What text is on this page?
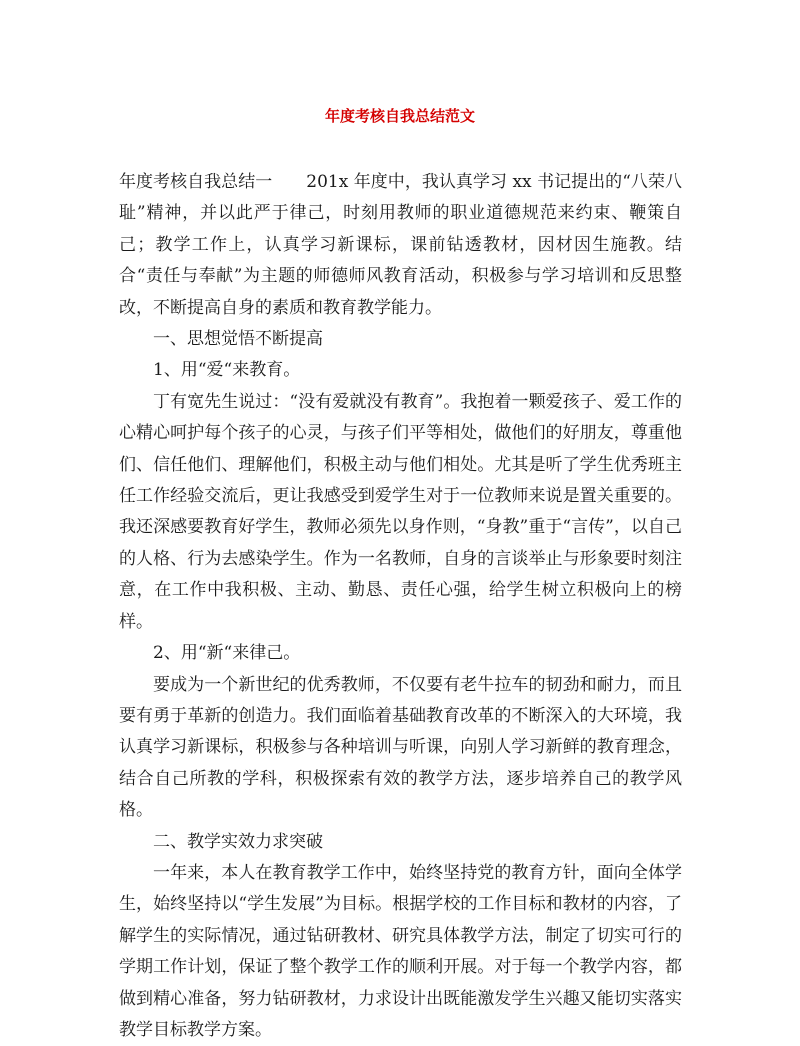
年度考核自我总结范文

年度考核自我总结一 201x 年度中，我认真学习 xx 书记提出的“八荣八耻”精神，并以此严于律己，时刻用教师的职业道德规范来约束、鞭策自己；教学工作上，认真学习新课标，课前钻透教材，因材因生施教。结合“责任与奉献”为主题的师德师风教育活动，积极参与学习培训和反思整改，不断提高自身的素质和教育教学能力。

一、思想觉悟不断提高

1、用“爱“来教育。

丁有宽先生说过：“没有爱就没有教育”。我抱着一颗爱孩子、爱工作的心精心呵护每个孩子的心灵，与孩子们平等相处，做他们的好朋友，尊重他们、信任他们、理解他们，积极主动与他们相处。尤其是听了学生优秀班主任工作经验交流后，更让我感受到爱学生对于一位教师来说是置关重要的。我还深感要教育好学生，教师必须先以身作则，“身教”重于“言传”，以自己的人格、行为去感染学生。作为一名教师，自身的言谈举止与形象要时刻注意，在工作中我积极、主动、勤恳、责任心强，给学生树立积极向上的榜样。

2、用“新“来律己。

要成为一个新世纪的优秀教师，不仅要有老牛拉车的韧劲和耐力，而且要有勇于革新的创造力。我们面临着基础教育改革的不断深入的大环境，我认真学习新课标，积极参与各种培训与听课，向别人学习新鲜的教育理念，结合自己所教的学科，积极探索有效的教学方法，逐步培养自己的教学风格。

二、教学实效力求突破

一年来，本人在教育教学工作中，始终坚持党的教育方针，面向全体学生，始终坚持以“学生发展”为目标。根据学校的工作目标和教材的内容，了解学生的实际情况，通过钻研教材、研究具体教学方法，制定了切实可行的学期工作计划，保证了整个教学工作的顺利开展。对于每一个教学内容，都做到精心准备，努力钻研教材，力求设计出既能激发学生兴趣又能切实落实教学目标教学方案。
